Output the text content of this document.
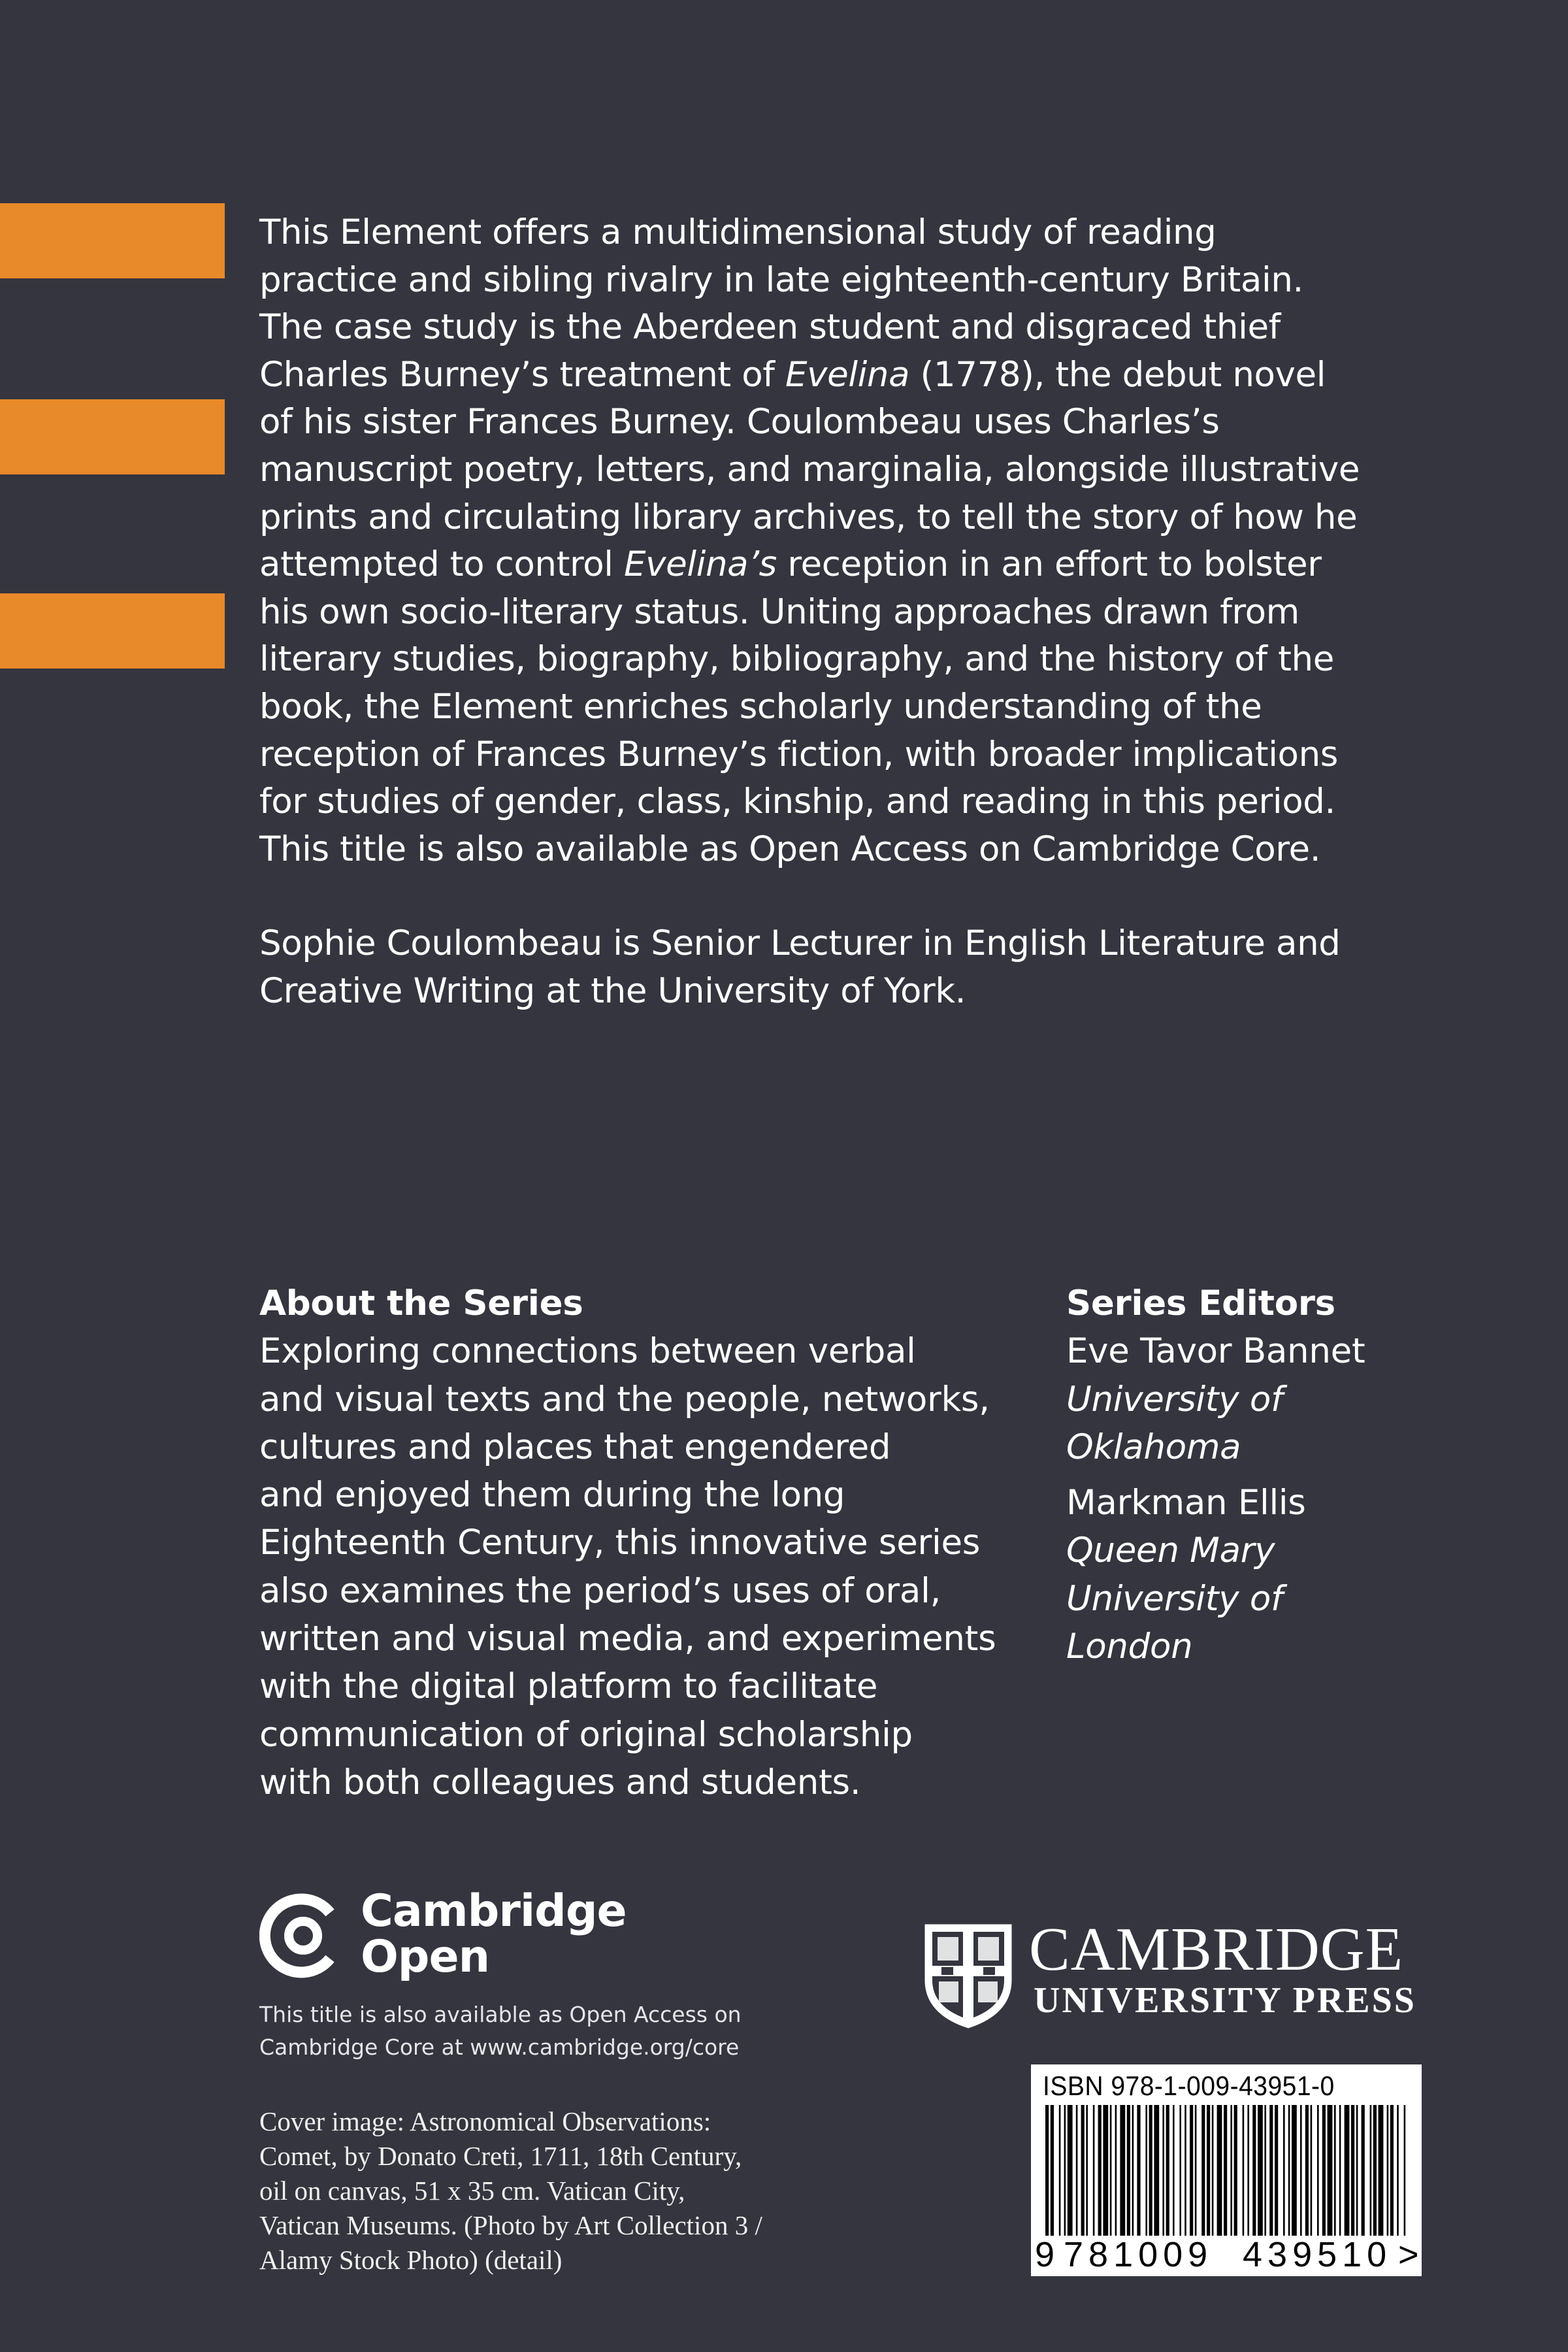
This Element offers a multidimensional study of reading
practice and sibling rivalry in late eighteenth-century Britain.
The case study is the Aberdeen student and disgraced thief
Charles Burney’s treatment of Evelina (1778), the debut novel
of his sister Frances Burney. Coulombeau uses Charles’s
manuscript poetry, letters, and marginalia, alongside illustrative
prints and circulating library archives, to tell the story of how he
attempted to control Evelina’s reception in an effort to bolster
his own socio-literary status. Uniting approaches drawn from
literary studies, biography, bibliography, and the history of the
book, the Element enriches scholarly understanding of the
reception of Frances Burney’s fiction, with broader implications
for studies of gender, class, kinship, and reading in this period.
This title is also available as Open Access on Cambridge Core.

Sophie Coulombeau is Senior Lecturer in English Literature and
Creative Writing at the University of York.

About the Series
Exploring connections between verbal
and visual texts and the people, networks,
cultures and places that engendered
and enjoyed them during the long
Eighteenth Century, this innovative series
also examines the period’s uses of oral,
written and visual media, and experiments
with the digital platform to facilitate
communication of original scholarship
with both colleagues and students.
Series Editors
Eve Tavor Bannet
University of
Oklahoma
Markman Ellis
Queen Mary
University of
London
Cambridge
Open
This title is also available as Open Access on
Cambridge Core at www.cambridge.org/core
Cover image: Astronomical Observations:
Comet, by Donato Creti, 1711, 18th Century,
oil on canvas, 51 x 35 cm. Vatican City,
Vatican Museums. (Photo by Art Collection 3 /
Alamy Stock Photo) (detail)
CAMBRIDGE
UNIVERSITY PRESS
ISBN 978-1-009-43951-0
9 781009 439510 >
